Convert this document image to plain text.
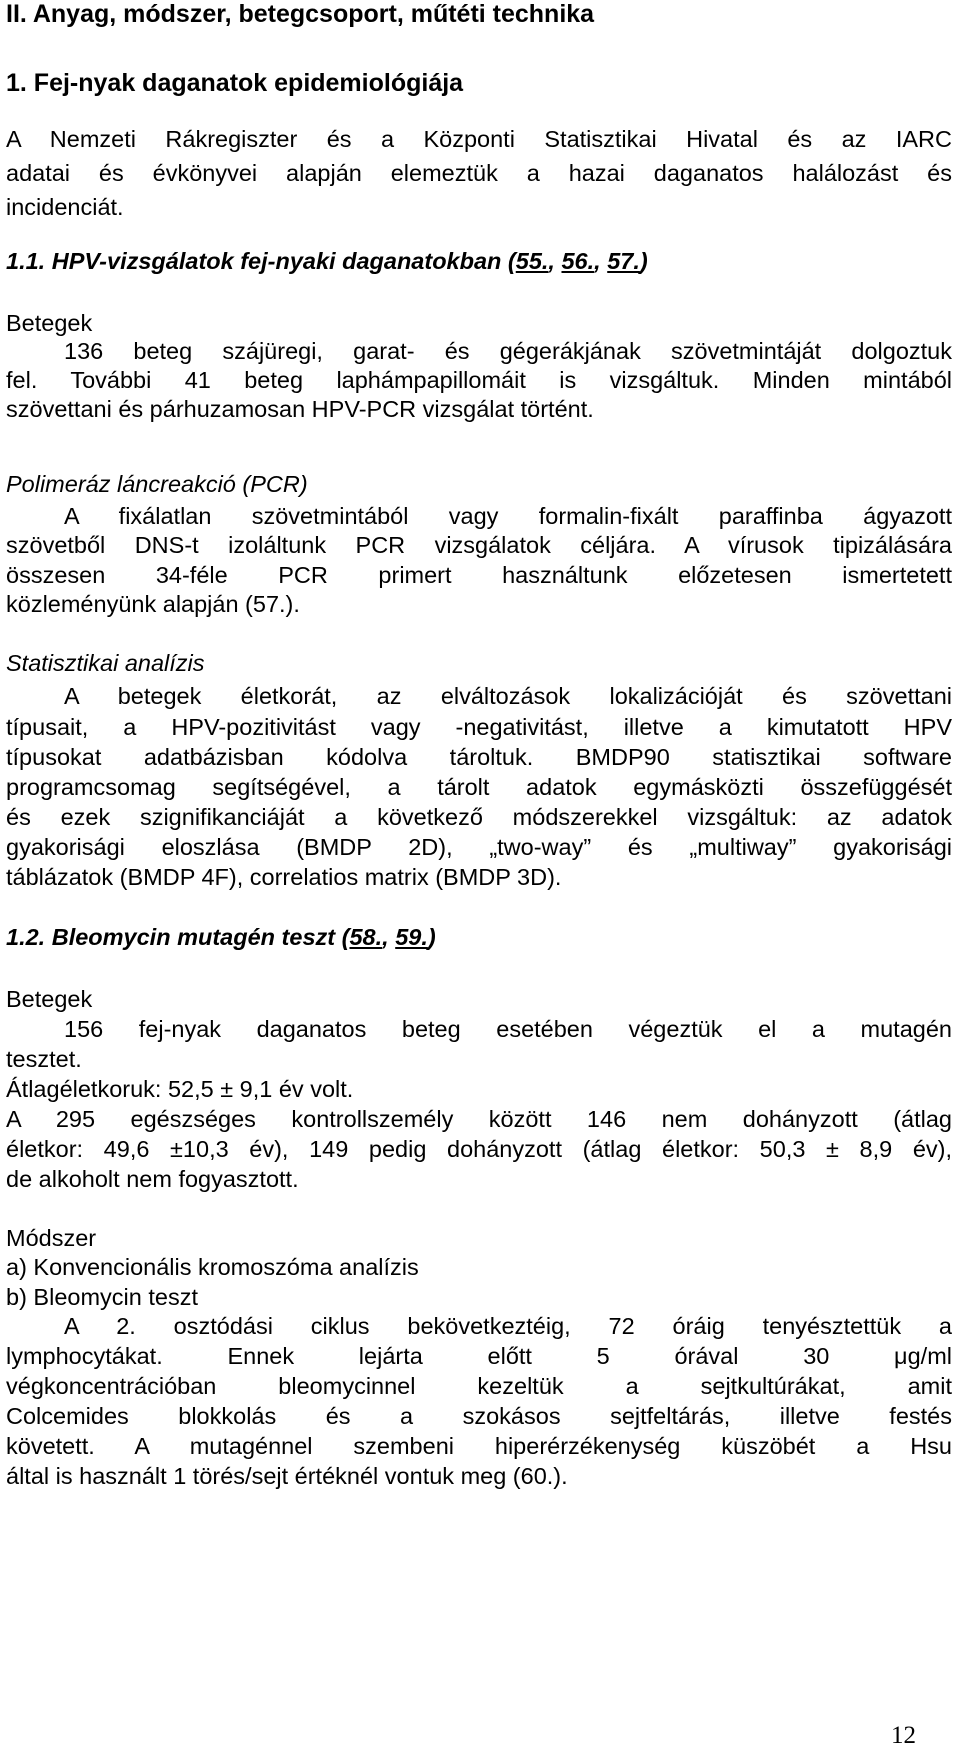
II. Anyag, módszer, betegcsoport, műtéti technika
1. Fej-nyak daganatok epidemiológiája
A Nemzeti Rákregiszter és a Központi Statisztikai Hivatal és az IARC
adatai és évkönyvei alapján elemeztük a hazai daganatos halálozást és
incidenciát.
1.1. HPV-vizsgálatok fej-nyaki daganatokban (55., 56., 57.)
Betegek
136 beteg szájüregi, garat- és gégerákjának szövetmintáját dolgoztuk
fel. További 41 beteg laphámpapillomáit is vizsgáltuk. Minden mintából
szövettani és párhuzamosan HPV-PCR vizsgálat történt.
Polimeráz láncreakció (PCR)
A fixálatlan szövetmintából vagy formalin-fixált paraffinba ágyazott
szövetből DNS-t izoláltunk PCR vizsgálatok céljára. A vírusok tipizálására
összesen 34-féle PCR primert használtunk előzetesen ismertetett
közleményünk alapján (57.).
Statisztikai analízis
A betegek életkorát, az elváltozások lokalizációját és szövettani
típusait, a HPV-pozitivitást vagy -negativitást, illetve a kimutatott HPV
típusokat adatbázisban kódolva tároltuk. BMDP90 statisztikai software
programcsomag segítségével, a tárolt adatok egymásközti összefüggését
és ezek szignifikanciáját a következő módszerekkel vizsgáltuk: az adatok
gyakorisági eloszlása (BMDP 2D), „two-way” és „multiway” gyakorisági
táblázatok (BMDP 4F), correlatios matrix (BMDP 3D).
1.2. Bleomycin mutagén teszt (58., 59.)
Betegek
156 fej-nyak daganatos beteg esetében végeztük el a mutagén
tesztet.
Átlagéletkoruk: 52,5 ± 9,1 év volt.
A 295 egészséges kontrollszemély között 146 nem dohányzott (átlag
életkor: 49,6 ±10,3 év), 149 pedig dohányzott (átlag életkor: 50,3 ± 8,9 év),
de alkoholt nem fogyasztott.
Módszer
a) Konvencionális kromoszóma analízis
b) Bleomycin teszt
A 2. osztódási ciklus bekövetkeztéig, 72 óráig tenyésztettük a
lymphocytákat. Ennek lejárta előtt 5 órával 30 μg/ml
végkoncentrációban bleomycinnel kezeltük a sejtkultúrákat, amit
Colcemides blokkolás és a szokásos sejtfeltárás, illetve festés
követett. A mutagénnel szembeni hiperérzékenység küszöbét a Hsu
által is használt 1 törés/sejt értéknél vontuk meg (60.).
12
